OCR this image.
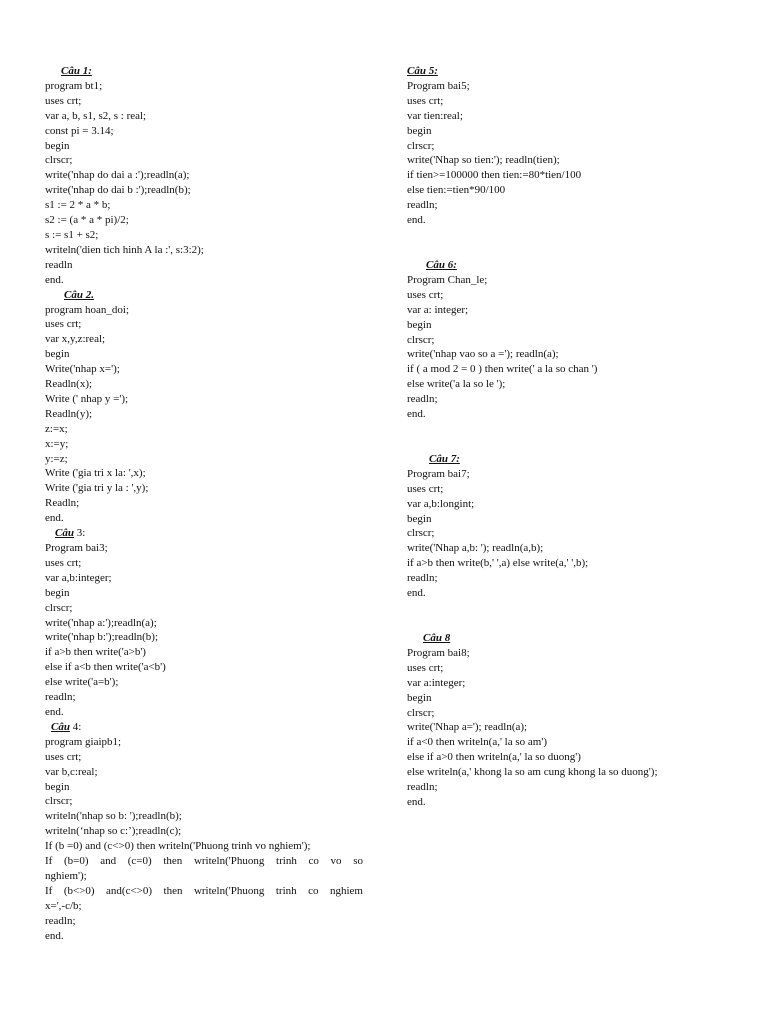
Câu 1:
program bt1;
uses crt;
var a, b, s1, s2, s : real;
const pi = 3.14;
begin
clrscr;
write('nhap do dai a :');readln(a);
write('nhap do dai b :');readln(b);
s1 := 2 * a * b;
s2 := (a * a * pi)/2;
s := s1 + s2;
writeln('dien tich hinh A la :', s:3:2);
readln
end.
Câu 2.
program hoan_doi;
uses crt;
var x,y,z:real;
begin
Write('nhap x=');
Readln(x);
Write (' nhap y =');
Readln(y);
z:=x;
x:=y;
y:=z;
Write ('gia tri x la: ',x);
Write ('gia tri y la : ',y);
Readln;
end.
Câu 3:
Program bai3;
uses crt;
var a,b:integer;
begin
clrscr;
write('nhap a:');readln(a);
write('nhap b:');readln(b);
if a>b then write('a>b')
else if a<b then write('a<b')
else write('a=b');
readln;
end.
Câu 4:
program giaipb1;
uses crt;
var b,c:real;
begin
clrscr;
writeln('nhap so b: ');readln(b);
writeln(‘nhap so c:’);readln(c);
If (b =0) and (c<>0) then writeln('Phuong trinh vo nghiem');
If (b=0) and (c=0) then writeln('Phuong trinh co vo so
nghiem');
If (b<>0) and(c<>0) then writeln('Phuong trinh co nghiem
x=',-c/b;
readln;
end.
Câu 5:
Program bai5;
uses crt;
var tien:real;
begin
clrscr;
write('Nhap so tien:'); readln(tien);
if tien>=100000 then tien:=80*tien/100
else tien:=tien*90/100
readln;
end.
Câu 6:
Program Chan_le;
uses crt;
var a: integer;
begin
clrscr;
write('nhap vao so a ='); readln(a);
if ( a mod 2 = 0 ) then write(' a la so chan ')
else write('a la so le ');
readln;
end.
Câu 7:
Program bai7;
uses crt;
var a,b:longint;
begin
clrscr;
write('Nhap a,b: '); readln(a,b);
if a>b then write(b,' ',a) else write(a,' ',b);
readln;
end.
Câu 8
Program bai8;
uses crt;
var a:integer;
begin
clrscr;
write('Nhap a='); readln(a);
if a<0 then writeln(a,' la so am')
else if a>0 then writeln(a,' la so duong')
else writeln(a,' khong la so am cung khong la so duong');
readln;
end.
